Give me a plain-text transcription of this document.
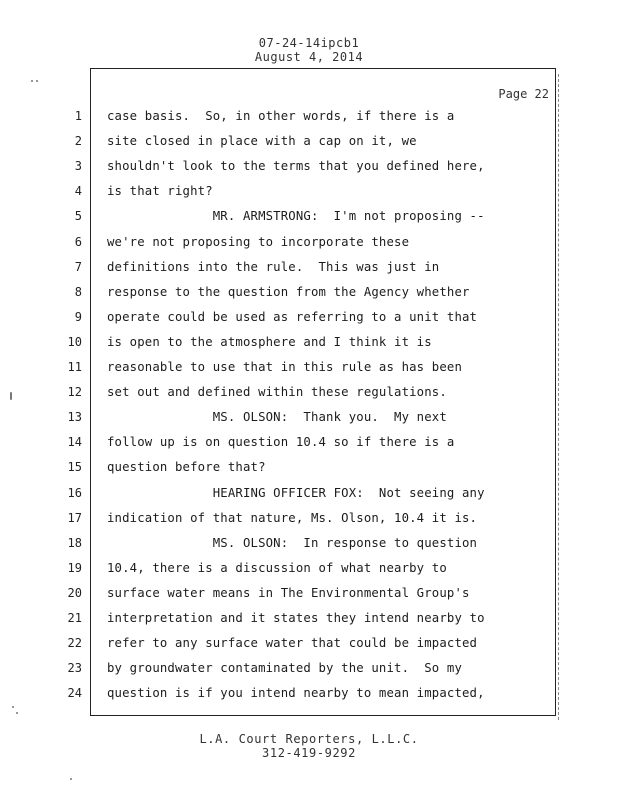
07-24-14ipcb1
August 4, 2014
Page 22
1 case basis.  So, in other words, if there is a
2 site closed in place with a cap on it, we
3 shouldn't look to the terms that you defined here,
4 is that right?
5 MR. ARMSTRONG:  I'm not proposing --
6 we're not proposing to incorporate these
7 definitions into the rule.  This was just in
8 response to the question from the Agency whether
9 operate could be used as referring to a unit that
10 is open to the atmosphere and I think it is
11 reasonable to use that in this rule as has been
12 set out and defined within these regulations.
13 MS. OLSON:  Thank you.  My next
14 follow up is on question 10.4 so if there is a
15 question before that?
16 HEARING OFFICER FOX:  Not seeing any
17 indication of that nature, Ms. Olson, 10.4 it is.
18 MS. OLSON:  In response to question
19 10.4, there is a discussion of what nearby to
20 surface water means in The Environmental Group's
21 interpretation and it states they intend nearby to
22 refer to any surface water that could be impacted
23 by groundwater contaminated by the unit.  So my
24 question is if you intend nearby to mean impacted,
L.A. Court Reporters, L.L.C.
312-419-9292
